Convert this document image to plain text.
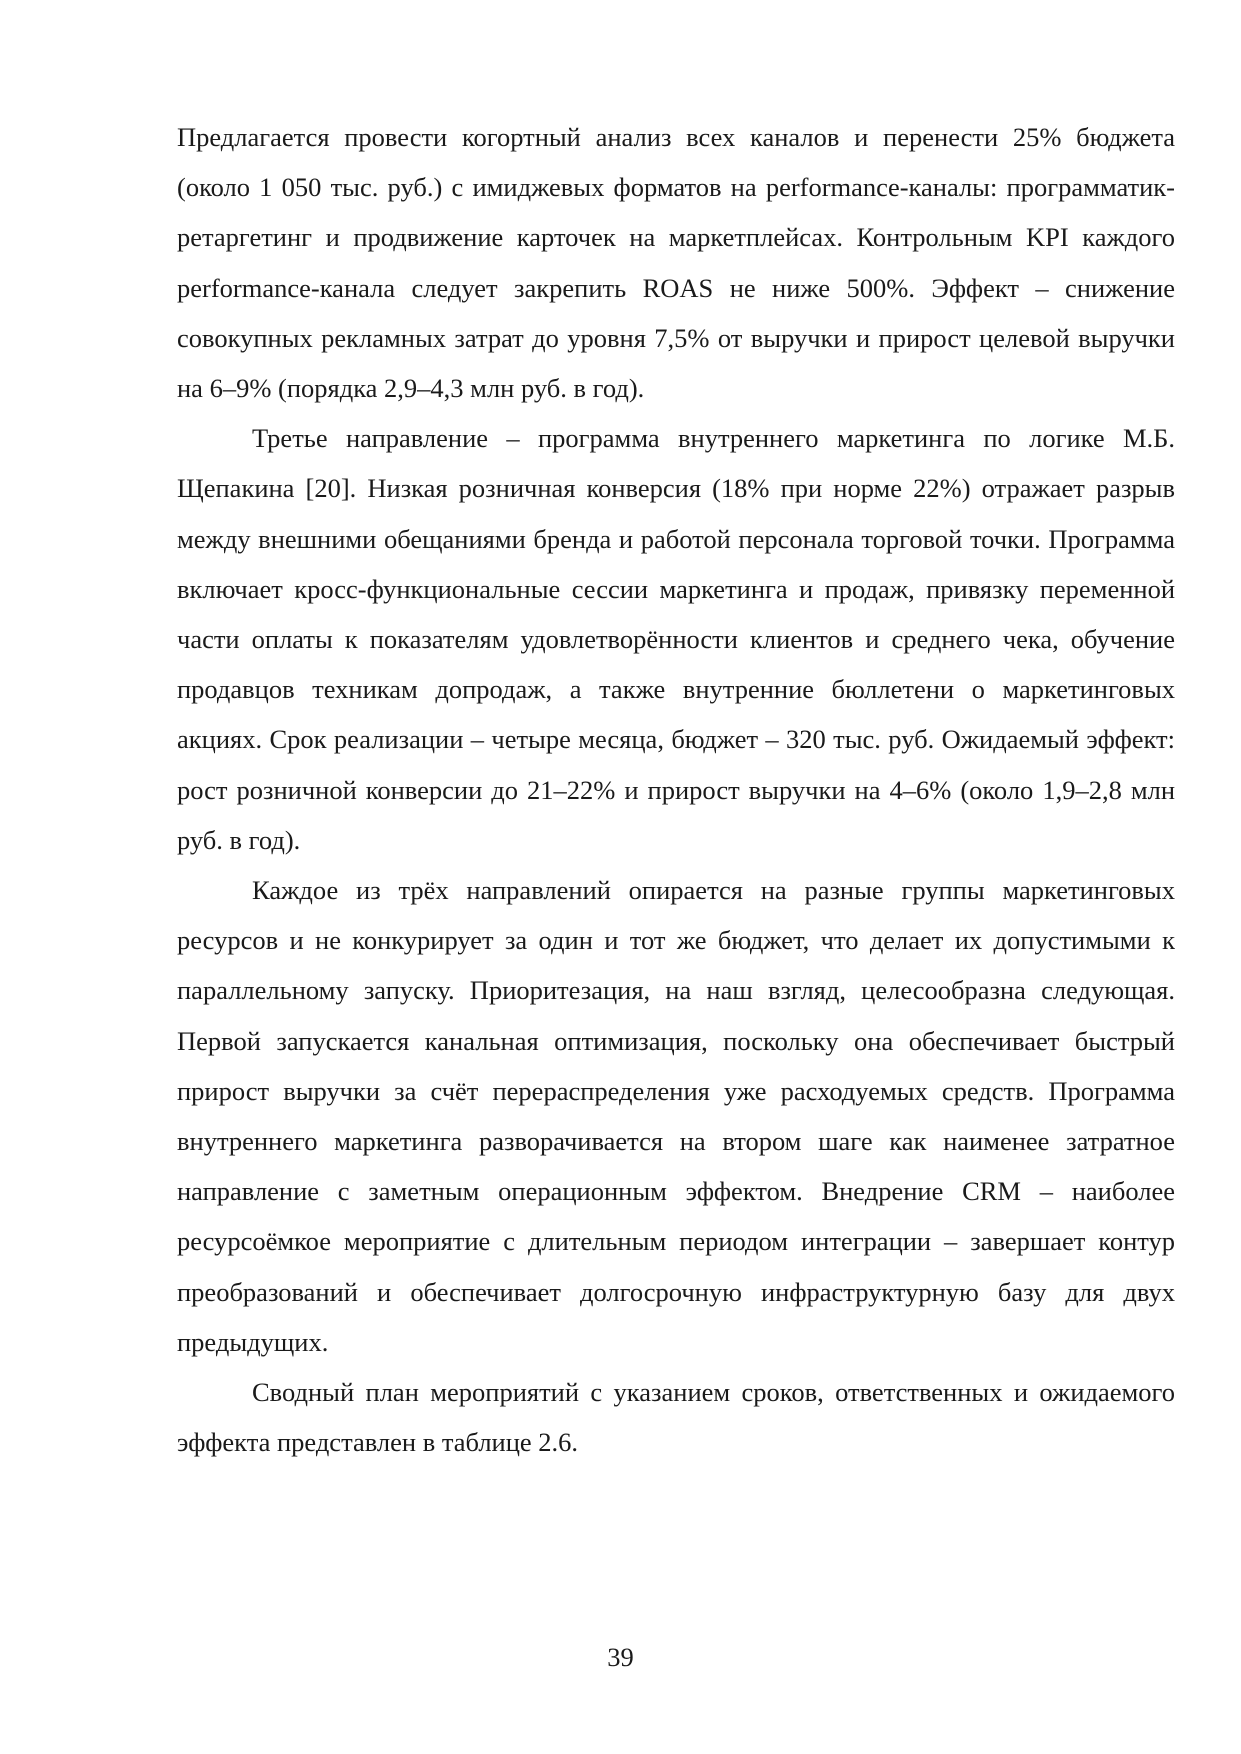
Предлагается провести когортный анализ всех каналов и перенести 25% бюджета (около 1 050 тыс. руб.) с имиджевых форматов на performance-каналы: программатик-ретаргетинг и продвижение карточек на маркетплейсах. Контрольным KPI каждого performance-канала следует закрепить ROAS не ниже 500%. Эффект – снижение совокупных рекламных затрат до уровня 7,5% от выручки и прирост целевой выручки на 6–9% (порядка 2,9–4,3 млн руб. в год).

Третье направление – программа внутреннего маркетинга по логике М.Б. Щепакина [20]. Низкая розничная конверсия (18% при норме 22%) отражает разрыв между внешними обещаниями бренда и работой персонала торговой точки. Программа включает кросс-функциональные сессии маркетинга и продаж, привязку переменной части оплаты к показателям удовлетворённости клиентов и среднего чека, обучение продавцов техникам допродаж, а также внутренние бюллетени о маркетинговых акциях. Срок реализации – четыре месяца, бюджет – 320 тыс. руб. Ожидаемый эффект: рост розничной конверсии до 21–22% и прирост выручки на 4–6% (около 1,9–2,8 млн руб. в год).

Каждое из трёх направлений опирается на разные группы маркетинговых ресурсов и не конкурирует за один и тот же бюджет, что делает их допустимыми к параллельному запуску. Приоритезация, на наш взгляд, целесообразна следующая. Первой запускается канальная оптимизация, поскольку она обеспечивает быстрый прирост выручки за счёт перераспределения уже расходуемых средств. Программа внутреннего маркетинга разворачивается на втором шаге как наименее затратное направление с заметным операционным эффектом. Внедрение CRM – наиболее ресурсоёмкое мероприятие с длительным периодом интеграции – завершает контур преобразований и обеспечивает долгосрочную инфраструктурную базу для двух предыдущих.

Сводный план мероприятий с указанием сроков, ответственных и ожидаемого эффекта представлен в таблице 2.6.

39
